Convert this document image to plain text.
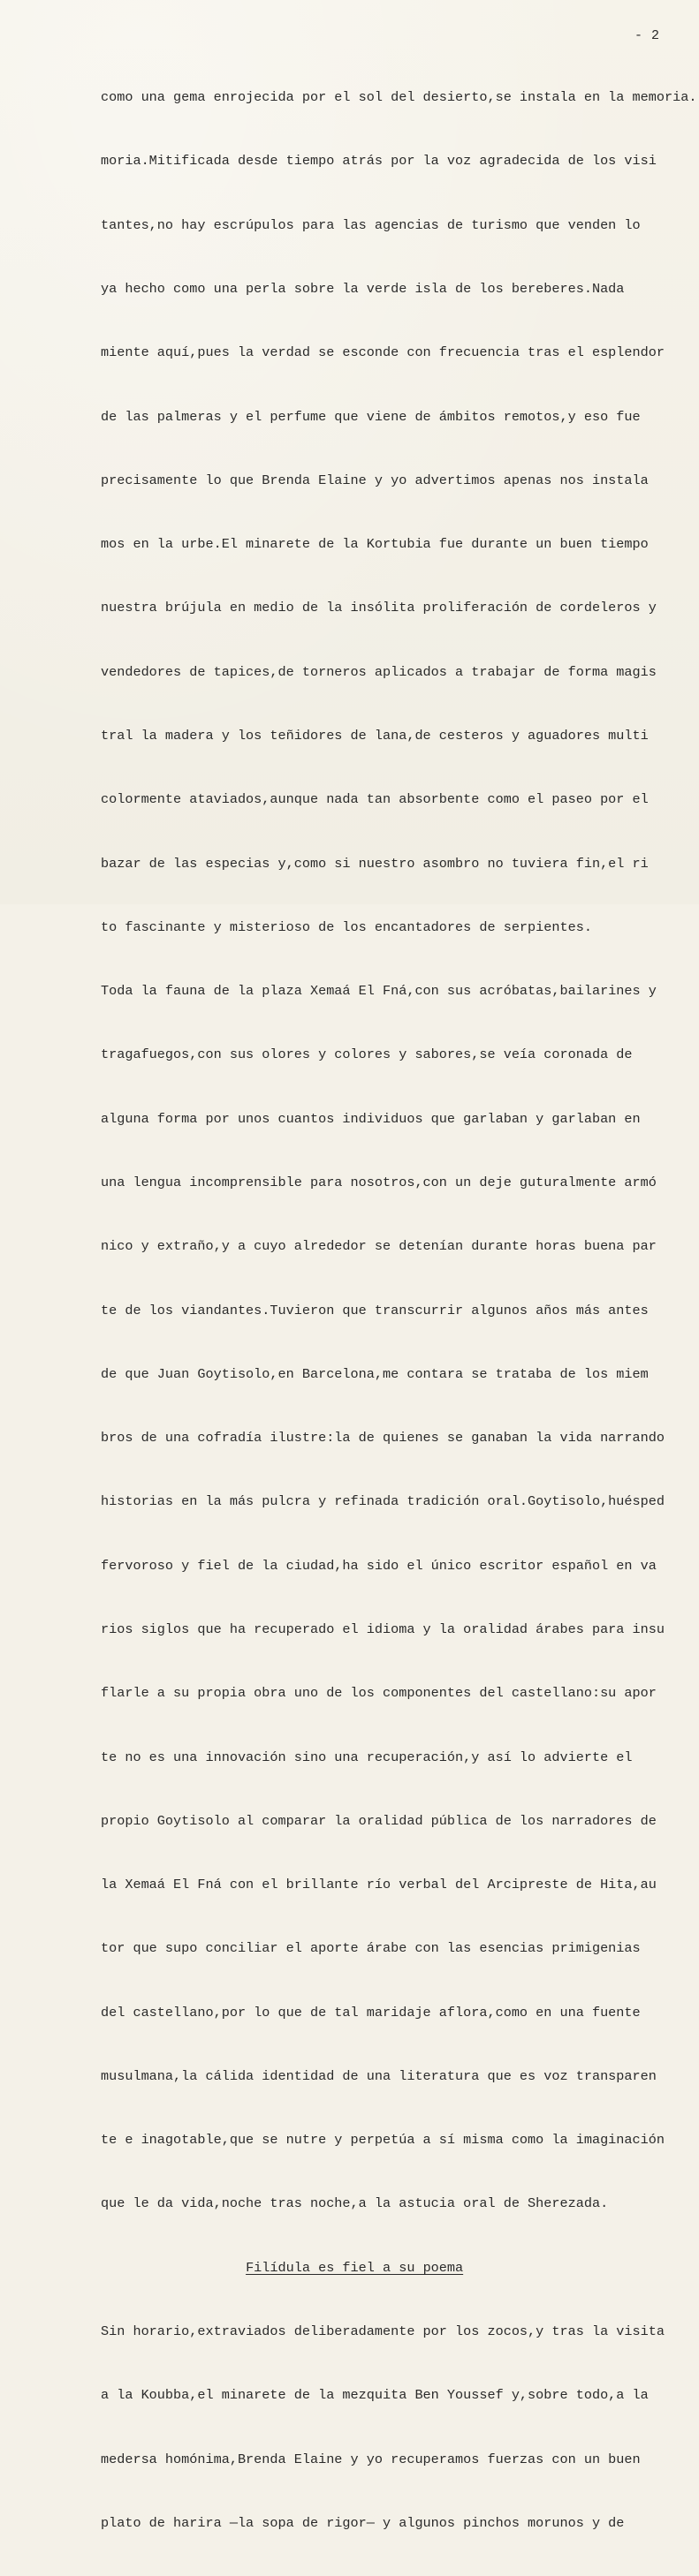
- 2

como una gema enrojecida por el sol del desierto,se instala en la memoria.

moria.Mitificada desde tiempo atrás por la voz agradecida de los visi

tantes,no hay escrúpulos para las agencias de turismo que venden lo

ya hecho como una perla sobre la verde isla de los bereberes.Nada

miente aquí,pues la verdad se esconde con frecuencia tras el esplendor

de las palmeras y el perfume que viene de ámbitos remotos,y eso fue

precisamente lo que Brenda Elaine y yo advertimos apenas nos instala

mos en la urbe.El minarete de la Kortubia fue durante un buen tiempo

nuestra brújula en medio de la insólita proliferación de cordeleros y

vendedores de tapices,de torneros aplicados a trabajar de forma magis

tral la madera y los teñidores de lana,de cesteros y aguadores multi

colormente ataviados,aunque nada tan absorbente como el paseo por el

bazar de las especias y,como si nuestro asombro no tuviera fin,el ri

to fascinante y misterioso de los encantadores de serpientes.

Toda la fauna de la plaza Xemaá El Fná,con sus acróbatas,bailarines y

tragafuegos,con sus olores y colores y sabores,se veía coronada de

alguna forma por unos cuantos individuos que garlaban y garlaban en

una lengua incomprensible para nosotros,con un deje guturalmente armó

nico y extraño,y a cuyo alrededor se detenían durante horas buena par

te de los viandantes.Tuvieron que transcurrir algunos años más antes

de que Juan Goytisolo,en Barcelona,me contara se trataba de los miem

bros de una cofradía ilustre:la de quienes se ganaban la vida narrando

historias en la más pulcra y refinada tradición oral.Goytisolo,huésped

fervoroso y fiel de la ciudad,ha sido el único escritor español en va

rios siglos que ha recuperado el idioma y la oralidad árabes para insu

flarle a su propia obra uno de los componentes del castellano:su apor

te no es una innovación sino una recuperación,y así lo advierte el

propio Goytisolo al comparar la oralidad pública de los narradores de

la Xemaá El Fná con el brillante río verbal del Arcipreste de Hita,au

tor que supo conciliar el aporte árabe con las esencias primigenias

del castellano,por lo que de tal maridaje aflora,como en una fuente

musulmana,la cálida identidad de una literatura que es voz transparen

te e inagotable,que se nutre y perpetúa a sí misma como la imaginación

que le da vida,noche tras noche,a la astucia oral de Sherezada.

Filídula es fiel a su poema

Sin horario,extraviados deliberadamente por los zocos,y tras la visita

a la Koubba,el minarete de la mezquita Ben Youssef y,sobre todo,a la

medersa homónima,Brenda Elaine y yo recuperamos fuerzas con un buen

plato de harira —la sopa de rigor— y algunos pinchos morunos y de
